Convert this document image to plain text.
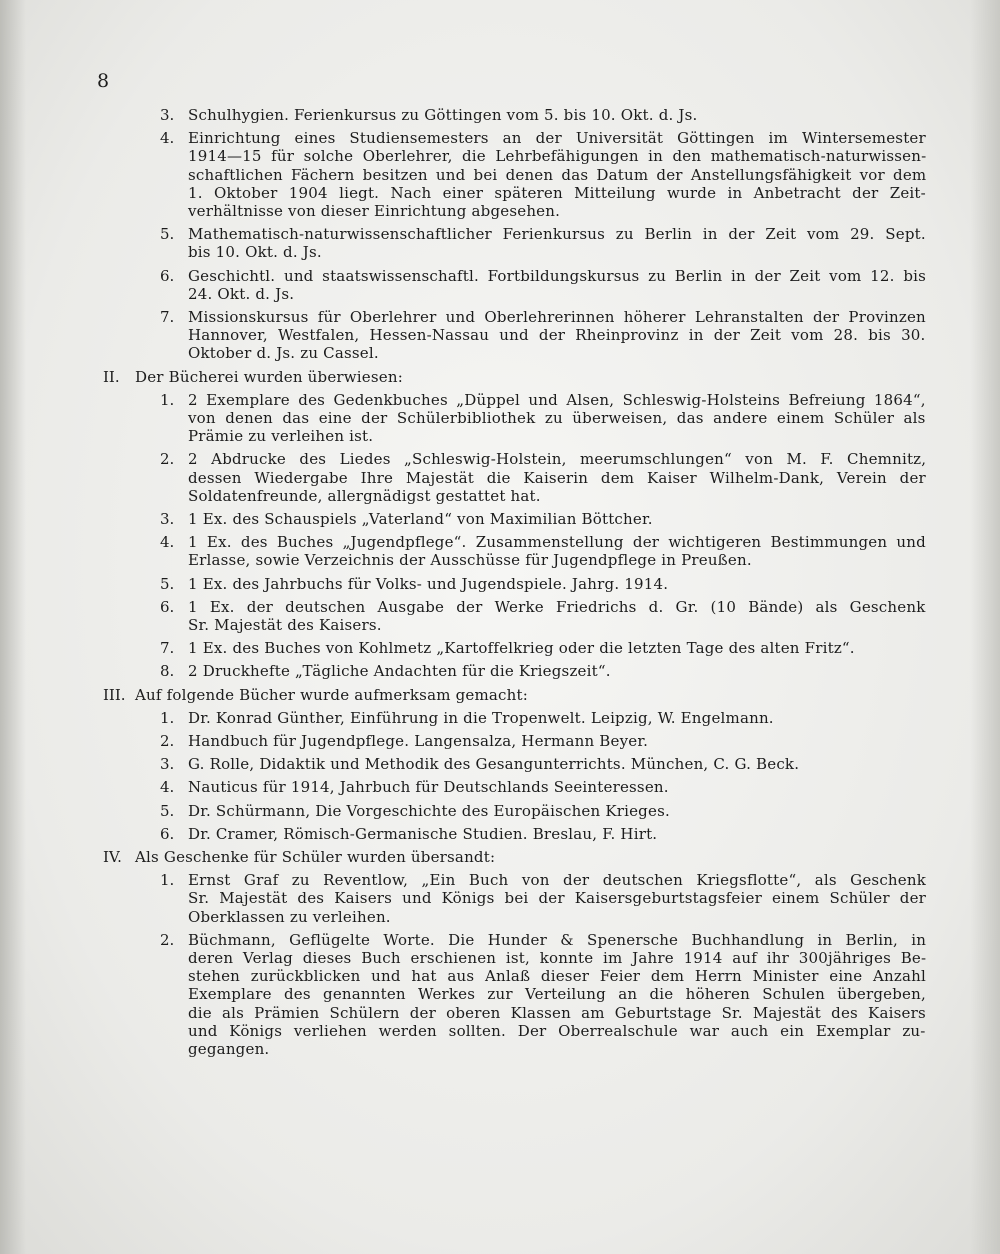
8
3. Schulhygien. Ferienkursus zu Göttingen vom 5. bis 10. Okt. d. Js.
4. Einrichtung eines Studiensemesters an der Universität Göttingen im Wintersemester
1914—15 für solche Oberlehrer, die Lehrbefähigungen in den mathematisch-naturwissen-
schaftlichen Fächern besitzen und bei denen das Datum der Anstellungsfähigkeit vor dem
1. Oktober 1904 liegt. Nach einer späteren Mitteilung wurde in Anbetracht der Zeit-
verhältnisse von dieser Einrichtung abgesehen.
5. Mathematisch-naturwissenschaftlicher Ferienkursus zu Berlin in der Zeit vom 29. Sept.
bis 10. Okt. d. Js.
6. Geschichtl. und staatswissenschaftl. Fortbildungskursus zu Berlin in der Zeit vom 12. bis
24. Okt. d. Js.
7. Missionskursus für Oberlehrer und Oberlehrerinnen höherer Lehranstalten der Provinzen
Hannover, Westfalen, Hessen-Nassau und der Rheinprovinz in der Zeit vom 28. bis 30.
Oktober d. Js. zu Cassel.
II. Der Bücherei wurden überwiesen:
1. 2 Exemplare des Gedenkbuches „Düppel und Alsen, Schleswig-Holsteins Befreiung 1864“,
von denen das eine der Schülerbibliothek zu überweisen, das andere einem Schüler als
Prämie zu verleihen ist.
2. 2 Abdrucke des Liedes „Schleswig-Holstein, meerumschlungen“ von M. F. Chemnitz,
dessen Wiedergabe Ihre Majestät die Kaiserin dem Kaiser Wilhelm-Dank, Verein der
Soldatenfreunde, allergnädigst gestattet hat.
3. 1 Ex. des Schauspiels „Vaterland“ von Maximilian Böttcher.
4. 1 Ex. des Buches „Jugendpflege“. Zusammenstellung der wichtigeren Bestimmungen und
Erlasse, sowie Verzeichnis der Ausschüsse für Jugendpflege in Preußen.
5. 1 Ex. des Jahrbuchs für Volks- und Jugendspiele. Jahrg. 1914.
6. 1 Ex. der deutschen Ausgabe der Werke Friedrichs d. Gr. (10 Bände) als Geschenk
Sr. Majestät des Kaisers.
7. 1 Ex. des Buches von Kohlmetz „Kartoffelkrieg oder die letzten Tage des alten Fritz“.
8. 2 Druckhefte „Tägliche Andachten für die Kriegszeit“.
III. Auf folgende Bücher wurde aufmerksam gemacht:
1. Dr. Konrad Günther, Einführung in die Tropenwelt. Leipzig, W. Engelmann.
2. Handbuch für Jugendpflege. Langensalza, Hermann Beyer.
3. G. Rolle, Didaktik und Methodik des Gesangunterrichts. München, C. G. Beck.
4. Nauticus für 1914, Jahrbuch für Deutschlands Seeinteressen.
5. Dr. Schürmann, Die Vorgeschichte des Europäischen Krieges.
6. Dr. Cramer, Römisch-Germanische Studien. Breslau, F. Hirt.
IV. Als Geschenke für Schüler wurden übersandt:
1. Ernst Graf zu Reventlow, „Ein Buch von der deutschen Kriegsflotte“, als Geschenk
Sr. Majestät des Kaisers und Königs bei der Kaisersgeburtstagsfeier einem Schüler der
Oberklassen zu verleihen.
2. Büchmann, Geflügelte Worte. Die Hunder & Spenersche Buchhandlung in Berlin, in
deren Verlag dieses Buch erschienen ist, konnte im Jahre 1914 auf ihr 300jähriges Be-
stehen zurückblicken und hat aus Anlaß dieser Feier dem Herrn Minister eine Anzahl
Exemplare des genannten Werkes zur Verteilung an die höheren Schulen übergeben,
die als Prämien Schülern der oberen Klassen am Geburtstage Sr. Majestät des Kaisers
und Königs verliehen werden sollten. Der Oberrealschule war auch ein Exemplar zu-
gegangen.
